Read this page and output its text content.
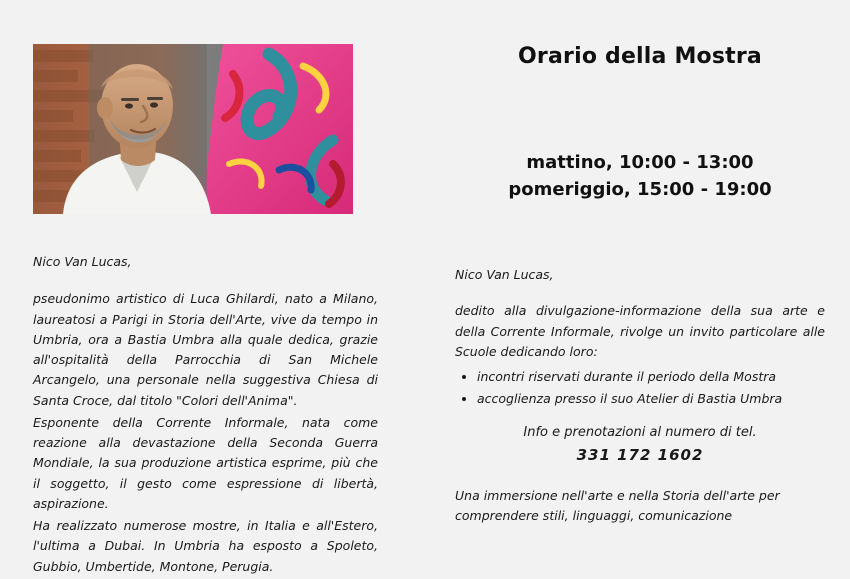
Nico Van Lucas,

pseudonimo artistico di Luca Ghilardi, nato a Milano, laureatosi a Parigi in Storia dell'Arte, vive da tempo in Umbria, ora a Bastia Umbra alla quale dedica, grazie all'ospitalità della Parrocchia di San Michele Arcangelo, una personale nella suggestiva Chiesa di Santa Croce, dal titolo "Colori dell'Anima".

Esponente della Corrente Informale, nata come reazione alla devastazione della Seconda Guerra Mondiale, la sua produzione artistica esprime, più che il soggetto, il gesto come espressione di libertà, aspirazione.

Ha realizzato numerose mostre, in Italia e all'Estero, l'ultima a Dubai. In Umbria ha esposto a Spoleto, Gubbio, Umbertide, Montone, Perugia.

Orario della Mostra
mattino, 10:00 - 13:00
pomeriggio, 15:00 - 19:00
Nico Van Lucas,

dedito alla divulgazione-informazione della sua arte e della Corrente Informale, rivolge un invito particolare alle Scuole dedicando loro:

• incontri riservati durante il periodo della Mostra
• accoglienza presso il suo Atelier di Bastia Umbra
Info e prenotazioni al numero di tel.
331 172 1602

Una immersione nell'arte e nella Storia dell'arte per comprendere stili, linguaggi, comunicazione
